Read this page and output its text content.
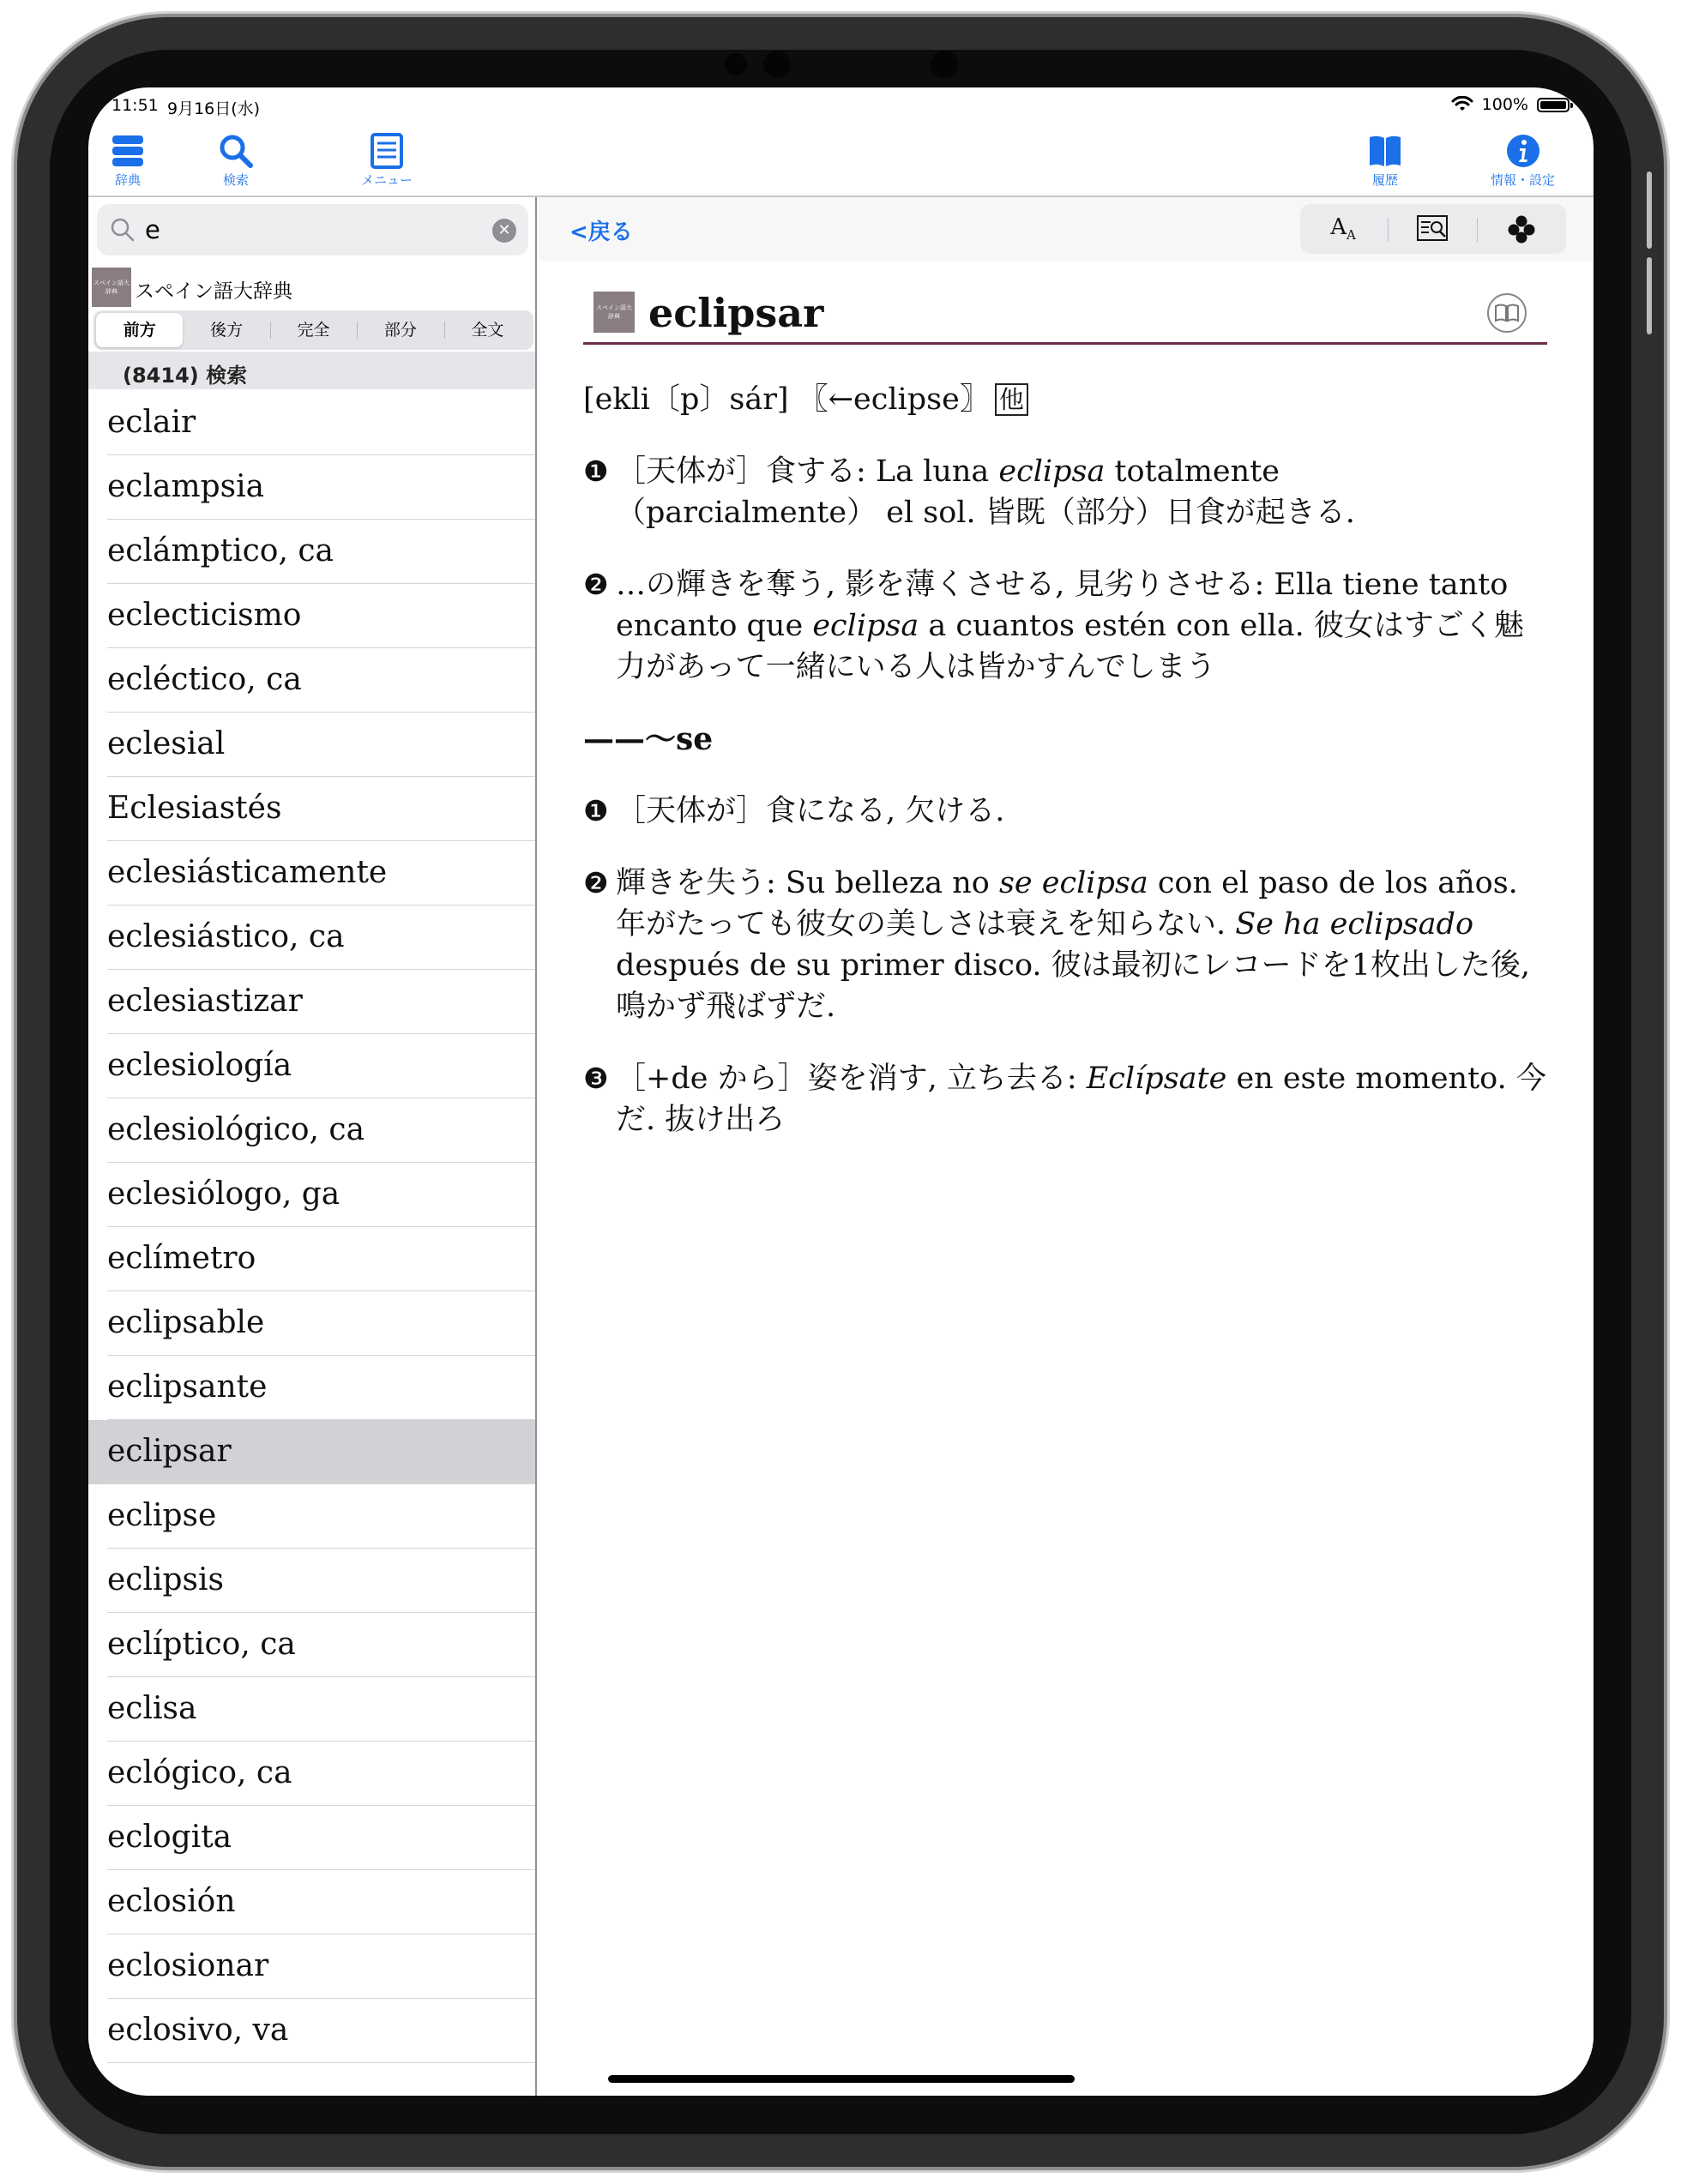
11:51 9月16日(水)	100%
辞典	検索	メニュー	履歴	情報・設定
e
✕
スペイン語大辞典 スペイン語大辞典
前方	後方	完全	部分	全文
(8414) 検索
eclair
eclampsia
eclámptico, ca
eclecticismo
ecléctico, ca
eclesial
Eclesiastés
eclesiásticamente
eclesiástico, ca
eclesiastizar
eclesiología
eclesiológico, ca
eclesiólogo, ga
eclímetro
eclipsable
eclipsante
eclipsar
eclipse
eclipsis
eclíptico, ca
eclisa
eclógico, ca
eclogita
eclosión
eclosionar
eclosivo, va
<戻る	$A_A$
スペイン語大辞典 eclipsar
[ekli〔p〕sár] 〖←eclipse〗 他
❶ ［天体が］食する: La luna eclipsa totalmente （parcialmente） el sol. 皆既（部分）日食が起きる.
❷ …の輝きを奪う, 影を薄くさせる, 見劣りさせる: Ella tiene tanto encanto que eclipsa a cuantos estén con ella. 彼女はすごく魅力があって一緒にいる人は皆かすんでしまう
——〜se
❶ ［天体が］食になる, 欠ける.
❷ 輝きを失う: Su belleza no se eclipsa con el paso de los años. 年がたっても彼女の美しさは衰えを知らない. Se ha eclipsado después de su primer disco. 彼は最初にレコードを1枚出した後, 鳴かず飛ばずだ.
❸ ［+de から］姿を消す, 立ち去る: Eclípsate en este momento. 今だ. 抜け出ろ
